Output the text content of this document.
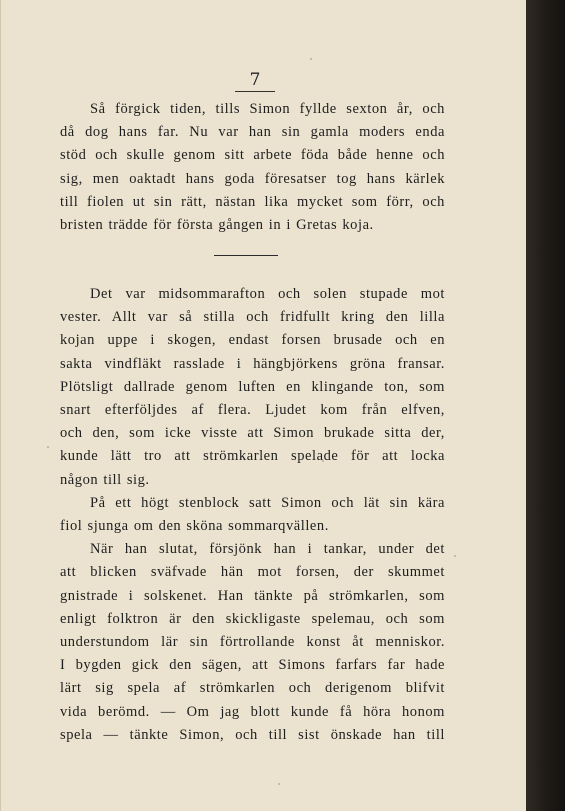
7
Så förgick tiden, tills Simon fyllde sexton år, och
då dog hans far. Nu var han sin gamla moders enda
stöd och skulle genom sitt arbete föda både henne och
sig, men oaktadt hans goda föresatser tog hans kärlek
till fiolen ut sin rätt, nästan lika mycket som förr, och
bristen trädde för första gången in i Gretas koja.
Det var midsommarafton och solen stupade mot
vester. Allt var så stilla och fridfullt kring den lilla
kojan uppe i skogen, endast forsen brusade och en
sakta vindfläkt rasslade i hängbjörkens gröna fransar.
Plötsligt dallrade genom luften en klingande ton, som
snart efterföljdes af flera. Ljudet kom från elfven,
och den, som icke visste att Simon brukade sitta der,
kunde lätt tro att strömkarlen spelade för att locka
någon till sig.
På ett högt stenblock satt Simon och lät sin kära
fiol sjunga om den sköna sommarqvällen.
När han slutat, försjönk han i tankar, under det
att blicken sväfvade hän mot forsen, der skummet
gnistrade i solskenet. Han tänkte på strömkarlen, som
enligt folktron är den skickligaste spelemau, och som
understundom lär sin förtrollande konst åt menniskor.
I bygden gick den sägen, att Simons farfars far hade
lärt sig spela af strömkarlen och derigenom blifvit
vida berömd. — Om jag blott kunde få höra honom
spela — tänkte Simon, och till sist önskade han till
